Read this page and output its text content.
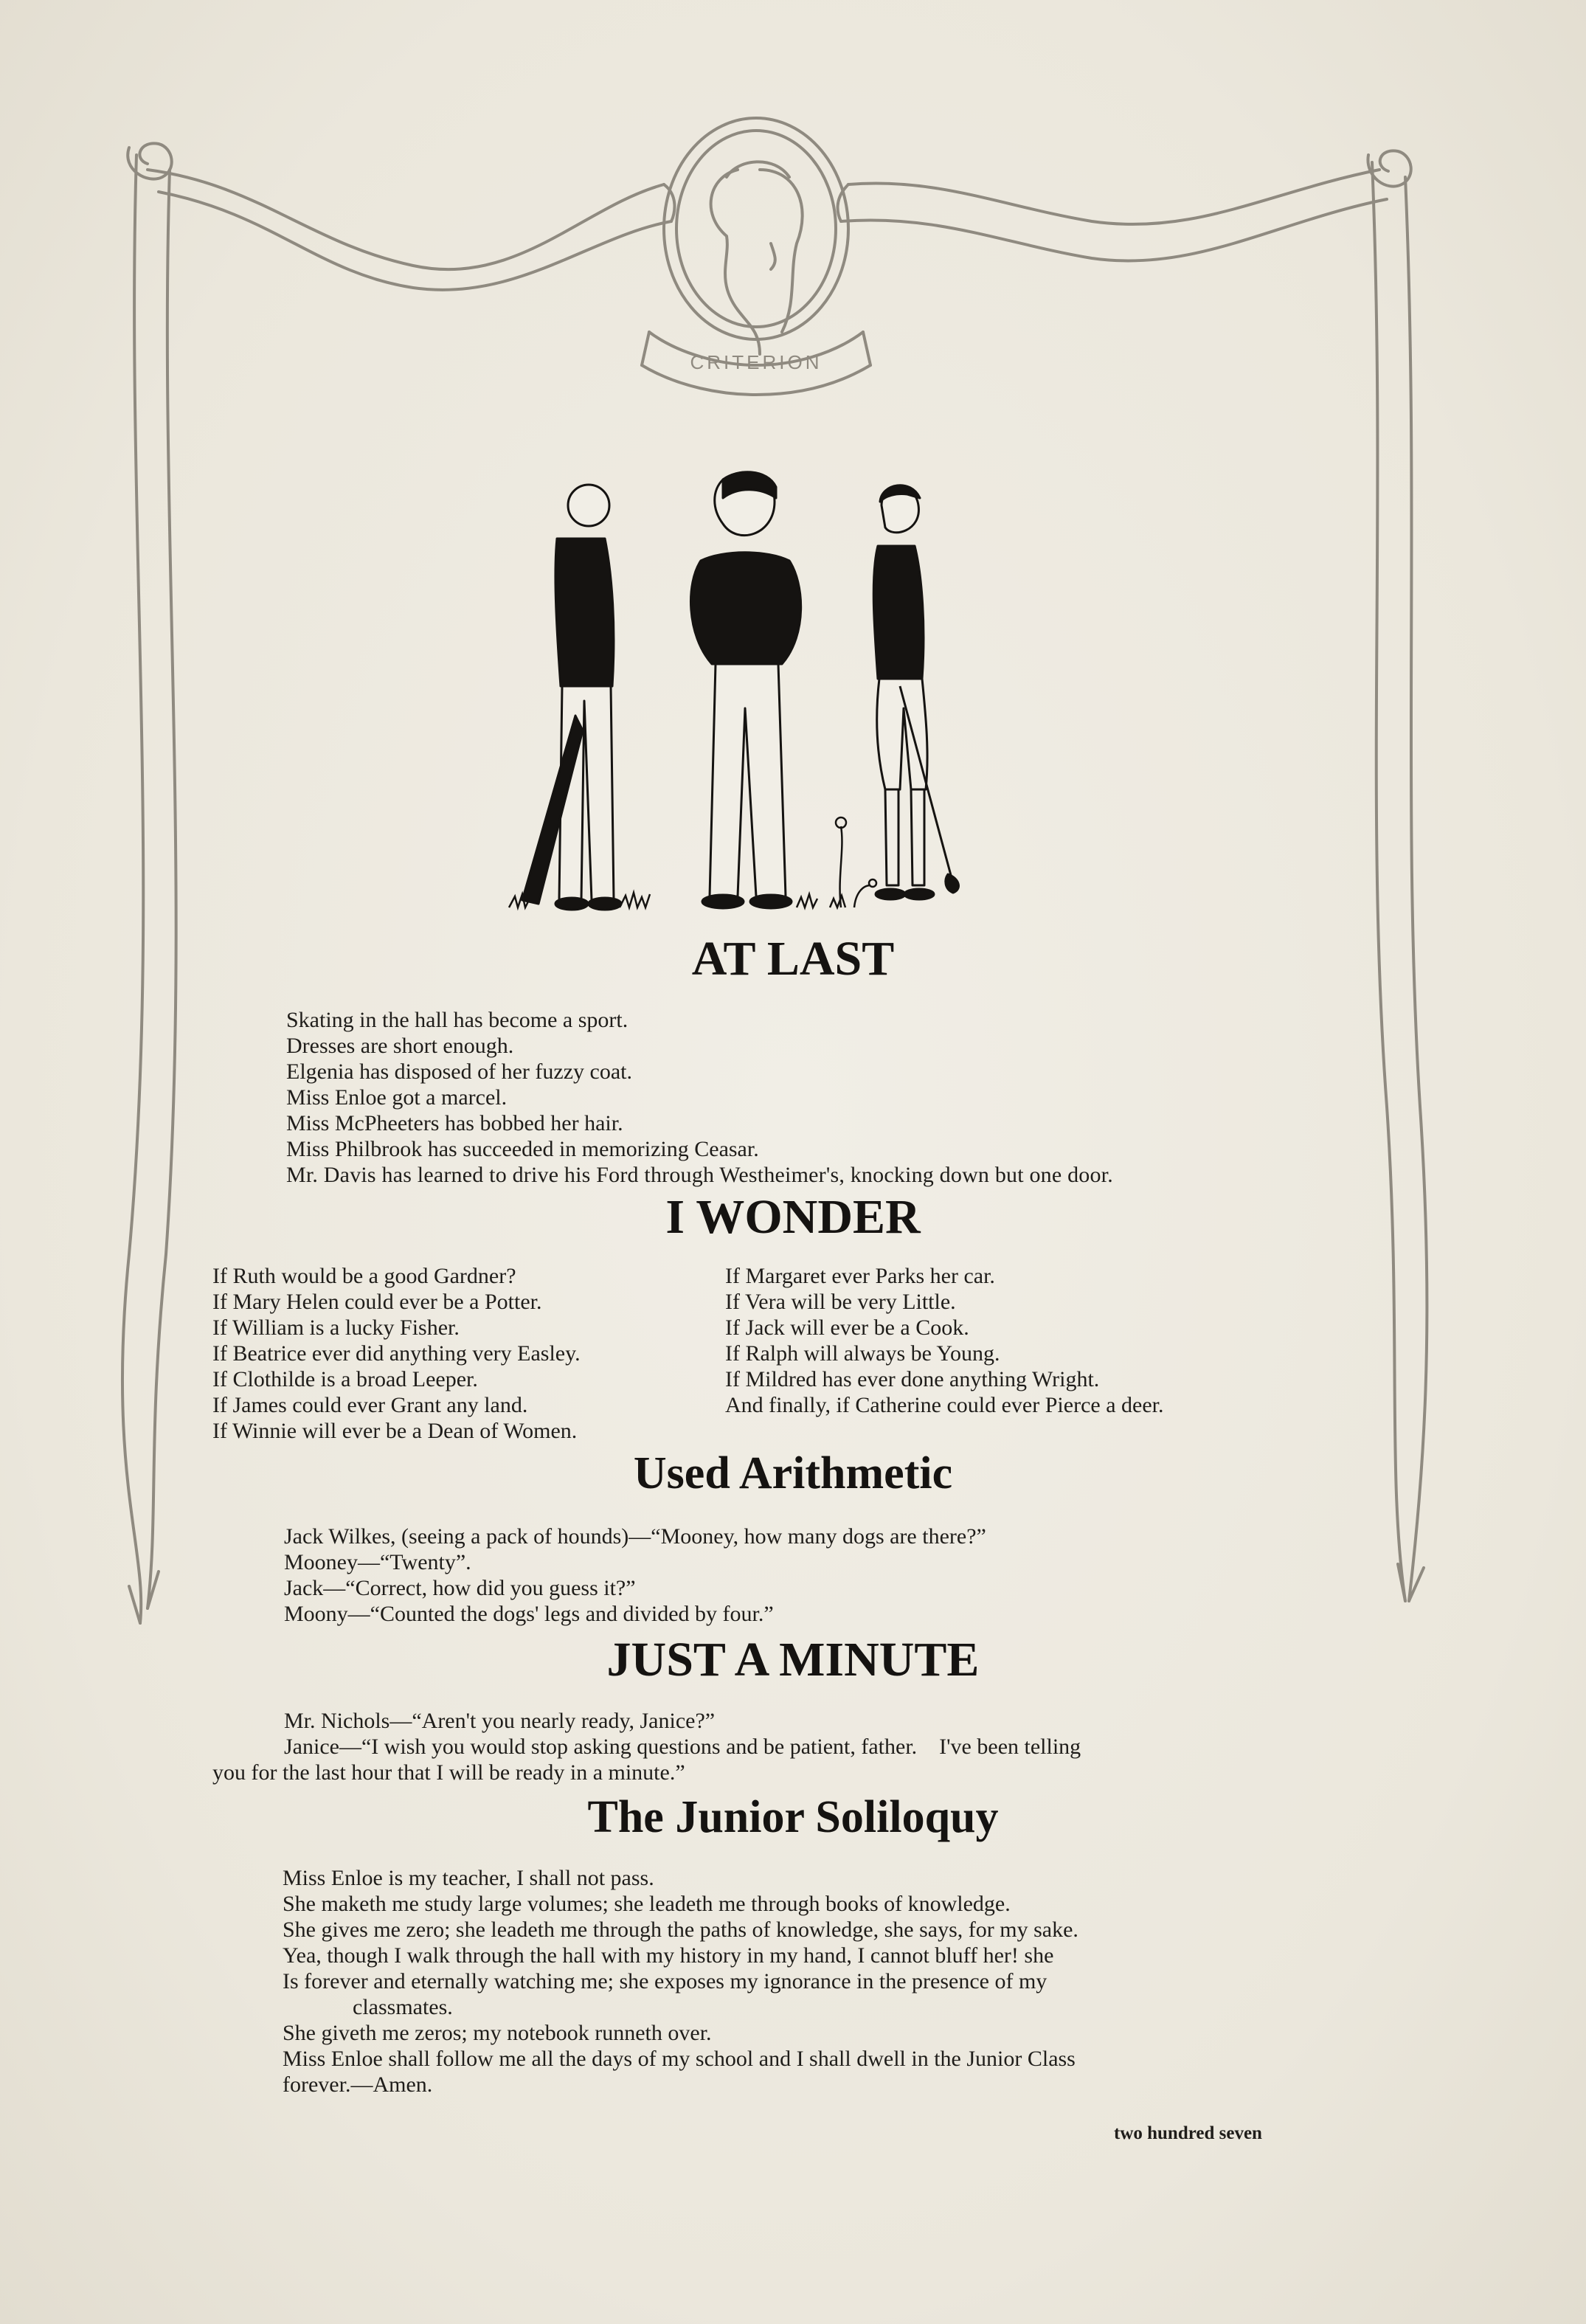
CRITERION
AT LAST

Skating in the hall has become a sport.

Dresses are short enough.

Elgenia has disposed of her fuzzy coat.

Miss Enloe got a marcel.

Miss McPheeters has bobbed her hair.

Miss Philbrook has succeeded in memorizing Ceasar.

Mr. Davis has learned to drive his Ford through Westheimer's, knocking down but one door.

I WONDER

If Ruth would be a good Gardner?

If Mary Helen could ever be a Potter.

If William is a lucky Fisher.

If Beatrice ever did anything very Easley.

If Clothilde is a broad Leeper.

If James could ever Grant any land.

If Winnie will ever be a Dean of Women.

If Margaret ever Parks her car.

If Vera will be very Little.

If Jack will ever be a Cook.

If Ralph will always be Young.

If Mildred has ever done anything Wright.

And finally, if Catherine could ever Pierce a deer.

Used Arithmetic

Jack Wilkes, (seeing a pack of hounds)—“Mooney, how many dogs are there?”

Mooney—“Twenty”.

Jack—“Correct, how did you guess it?”

Moony—“Counted the dogs' legs and divided by four.”

JUST A MINUTE

Mr. Nichols—“Aren't you nearly ready, Janice?”

Janice—“I wish you would stop asking questions and be patient, father.    I've been telling

you for the last hour that I will be ready in a minute.”

The Junior Soliloquy

Miss Enloe is my teacher, I shall not pass.

She maketh me study large volumes; she leadeth me through books of knowledge.

She gives me zero; she leadeth me through the paths of knowledge, she says, for my sake.

Yea, though I walk through the hall with my history in my hand, I cannot bluff her! she

Is forever and eternally watching me; she exposes my ignorance in the presence of my

classmates.

She giveth me zeros; my notebook runneth over.

Miss Enloe shall follow me all the days of my school and I shall dwell in the Junior Class

forever.—Amen.

two hundred seven
